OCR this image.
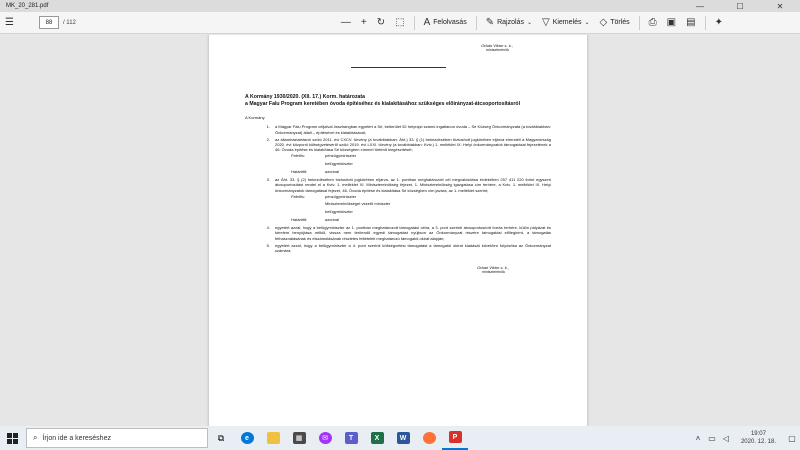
MK_20_281.pdf	—	☐	✕
☰	88	/ 112	— + ↻ ⬚ A Felolvasás ✎ Rajzolás ⌄ ▽ Kiemelés ⌄ ◇ Törlés ⎙ ▣ ▤ ✦
Orbán Viktor s. k.,
miniszterelnök
A Kormány 1930/2020. (XII. 17.) Korm. határozata
a Magyar Falu Program keretében óvoda építéséhez és kialakításához szükséges előirányzat-átcsoportosításról
A Kormány
1.	a Magyar Falu Program céljaival összhangban egyetért a Sé, belterület 52 helyrajzi számú ingatlanon óvoda – Sé Község Önkormányzata (a továbbiakban: Önkormányzat) általi – építésével és kialakításával;
2.	az államháztartásról szóló 2011. évi CXCV. törvény (a továbbiakban: Áht.) 33. § (1) bekezdésében biztosított jogkörében eljárva elrendeli a Magyarország 2020. évi központi költségvetéséről szóló 2019. évi LXXI. törvény (a továbbiakban: Kvtv.) 1. melléklet IX. Helyi önkormányzatok támogatásai fejezetének a 46. Óvoda építése és kialakítása Sé községben címmel történő kiegészítését;
Felelős:	pénzügyminiszter
belügyminiszter
Határidő:	azonnal
3.	az Áht. 33. § (2) bekezdésében biztosított jogkörében eljárva, az 1. pontban meghatározott cél megvalósítása érdekében 257 411 220 forint egyszeri átcsoportosítást rendel el a Kvtv. 1. melléklet XI. Miniszterelnökség fejezet, 1. Miniszterelnökség igazgatása cím terhére, a Kvtv. 1. melléklet IX. Helyi önkormányzatok támogatásai fejezet, 46. Óvoda építése és kialakítása Sé községben cím javára, az 1. melléklet szerint;
Felelős:	pénzügyminiszter
Miniszterelnökséget vezető miniszter
belügyminiszter
Határidő:	azonnal
4.	egyetért azzal, hogy a belügyminiszter az 1. pontban meghatározott támogatási célra, a 3. pont szerinti átcsoportosított forrás terhére, külön pályázat és kérelem benyújtása nélkül, vissza nem térítendő egyedi támogatást nyújtson az Önkormányzat részére támogatási előlegként, a támogatás felhasználásának és elszámolásának részletes feltételeit meghatározó támogatói okirat alapján;
5.	egyetért azzal, hogy a belügyminiszter a 4. pont szerinti költségvetési támogatást a támogatói okirat kiadását követően folyósítsa az Önkormányzat számára.
Orbán Viktor s. k.,
miniszterelnök
⌕ Írjon ide a kereséshez	⧉	e	▦	✉	T	X	W	P	˄ ▭ ◁	19:07
2020. 12. 18.	▢
